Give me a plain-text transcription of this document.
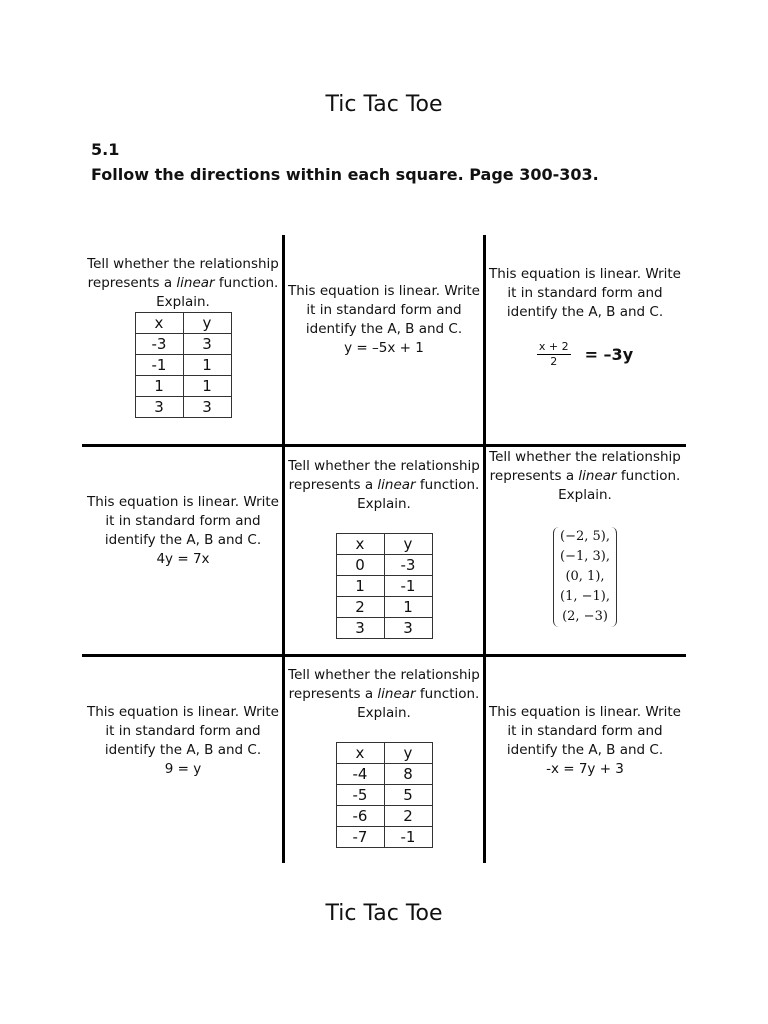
Tic Tac Toe
5.1
Follow the directions within each square. Page 300-303.

Tell whether the relationship represents a linear function. Explain.

x	y
-3	3
-1	1
1	1
3	3

This equation is linear. Write it in standard form and identify the A, B and C.

y = –5x + 1

This equation is linear. Write it in standard form and identify the A, B and C.

$\frac{x + 2}{2} = -3y$

This equation is linear. Write it in standard form and identify the A, B and C.

4y = 7x

Tell whether the relationship represents a linear function. Explain.

x	y
0	-3
1	-1
2	1
3	3

Tell whether the relationship represents a linear function. Explain.

(−2, 5),
(−1, 3),
(0, 1),
(1, −1),
(2, −3)

This equation is linear. Write it in standard form and identify the A, B and C.

9 = y

Tell whether the relationship represents a linear function. Explain.

x	y
-4	8
-5	5
-6	2
-7	-1

This equation is linear. Write it in standard form and identify the A, B and C.

-x = 7y + 3

Tic Tac Toe
